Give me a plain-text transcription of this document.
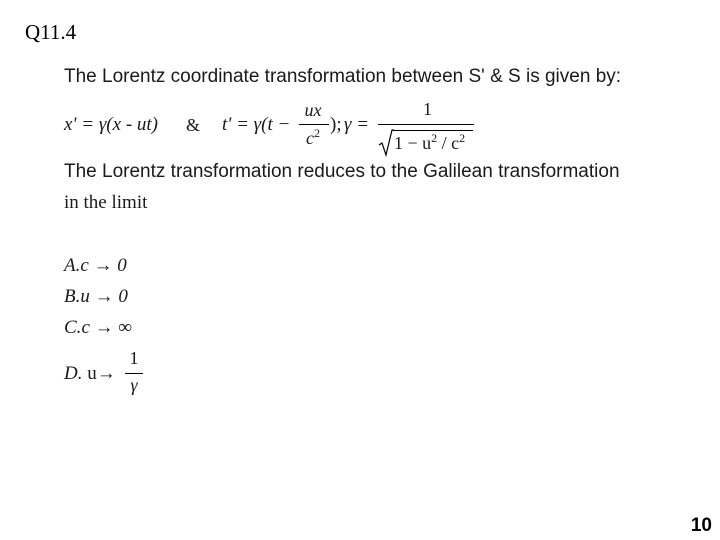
Q11.4
The Lorentz coordinate transformation between S' & S is given by:
x' = γ(x - ut) & t' = γ(t −
ux
$c^2$ ); γ =
1
$1 - u^2 / c^2$
The Lorentz transformation reduces to the Galilean transformation
in the limit
A.c → 0
B.u → 0
C.c → ∞
D. u→
1
γ
10
